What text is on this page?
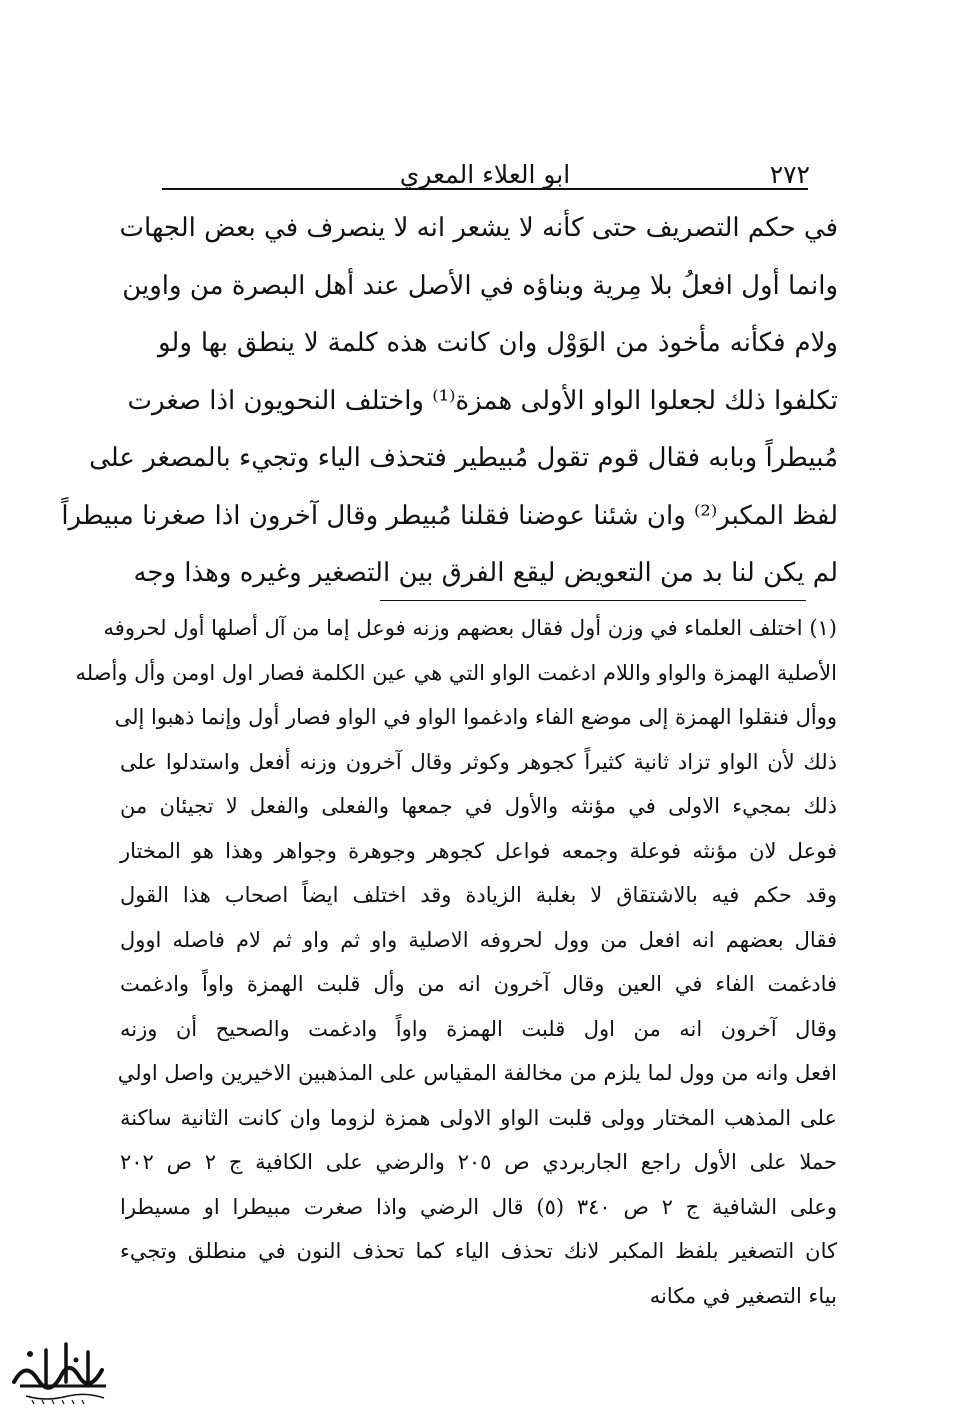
٢٧٢
ابو العلاء المعري
في حكم التصريف حتى كأنه لا يشعر انه لا ينصرف في بعض الجهات
وانما أول افعلُ بلا مِرية وبناؤه في الأصل عند أهل البصرة من واوين
ولام فكأنه مأخوذ من الوَوْل وان كانت هذه كلمة لا ينطق بها ولو
تكلفوا ذلك لجعلوا الواو الأولى همزة⁽¹⁾ واختلف النحويون اذا صغرت
مُبيطراً وبابه فقال قوم تقول مُبيطير فتحذف الياء وتجيء بالمصغر على
لفظ المكبر⁽²⁾ وان شئنا عوضنا فقلنا مُبيطر وقال آخرون اذا صغرنا مبيطراً
لم يكن لنا بد من التعويض ليقع الفرق بين التصغير وغيره وهذا وجه
(١) اختلف العلماء في وزن أول فقال بعضهم وزنه فوعل إما من آل أصلها أول لحروفه
الأصلية الهمزة والواو واللام ادغمت الواو التي هي عين الكلمة فصار اول اومن وأل وأصله
ووأل فنقلوا الهمزة إلى موضع الفاء وادغموا الواو في الواو فصار أول وإنما ذهبوا إلى
ذلك لأن الواو تزاد ثانية كثيراً كجوهر وكوثر وقال آخرون وزنه أفعل واستدلوا على
ذلك بمجيء الاولى في مؤنثه والأول في جمعها والفعلى والفعل لا تجيئان من
فوعل لان مؤنثه فوعلة وجمعه فواعل كجوهر وجوهرة وجواهر وهذا هو المختار
وقد حكم فيه بالاشتقاق لا بغلبة الزيادة وقد اختلف ايضاً اصحاب هذا القول
فقال بعضهم انه افعل من وول لحروفه الاصلية واو ثم واو ثم لام فاصله اوول
فادغمت الفاء في العين وقال آخرون انه من وأل قلبت الهمزة واواً وادغمت
وقال آخرون انه من اول قلبت الهمزة واواً وادغمت والصحيح أن وزنه
افعل وانه من وول لما يلزم من مخالفة المقياس على المذهبين الاخيرين واصل اولي
على المذهب المختار وولى قلبت الواو الاولى همزة لزوما وان كانت الثانية ساكنة
حملا على الأول راجع الجاربردي ص ٢٠٥ والرضي على الكافية ج ٢ ص ٢٠٢
وعلى الشافية ج ٢ ص ٣٤٠ (٥) قال الرضي واذا صغرت مبيطرا او مسيطرا
كان التصغير بلفظ المكبر لانك تحذف الياء كما تحذف النون في منطلق وتجيء
بياء التصغير في مكانه
